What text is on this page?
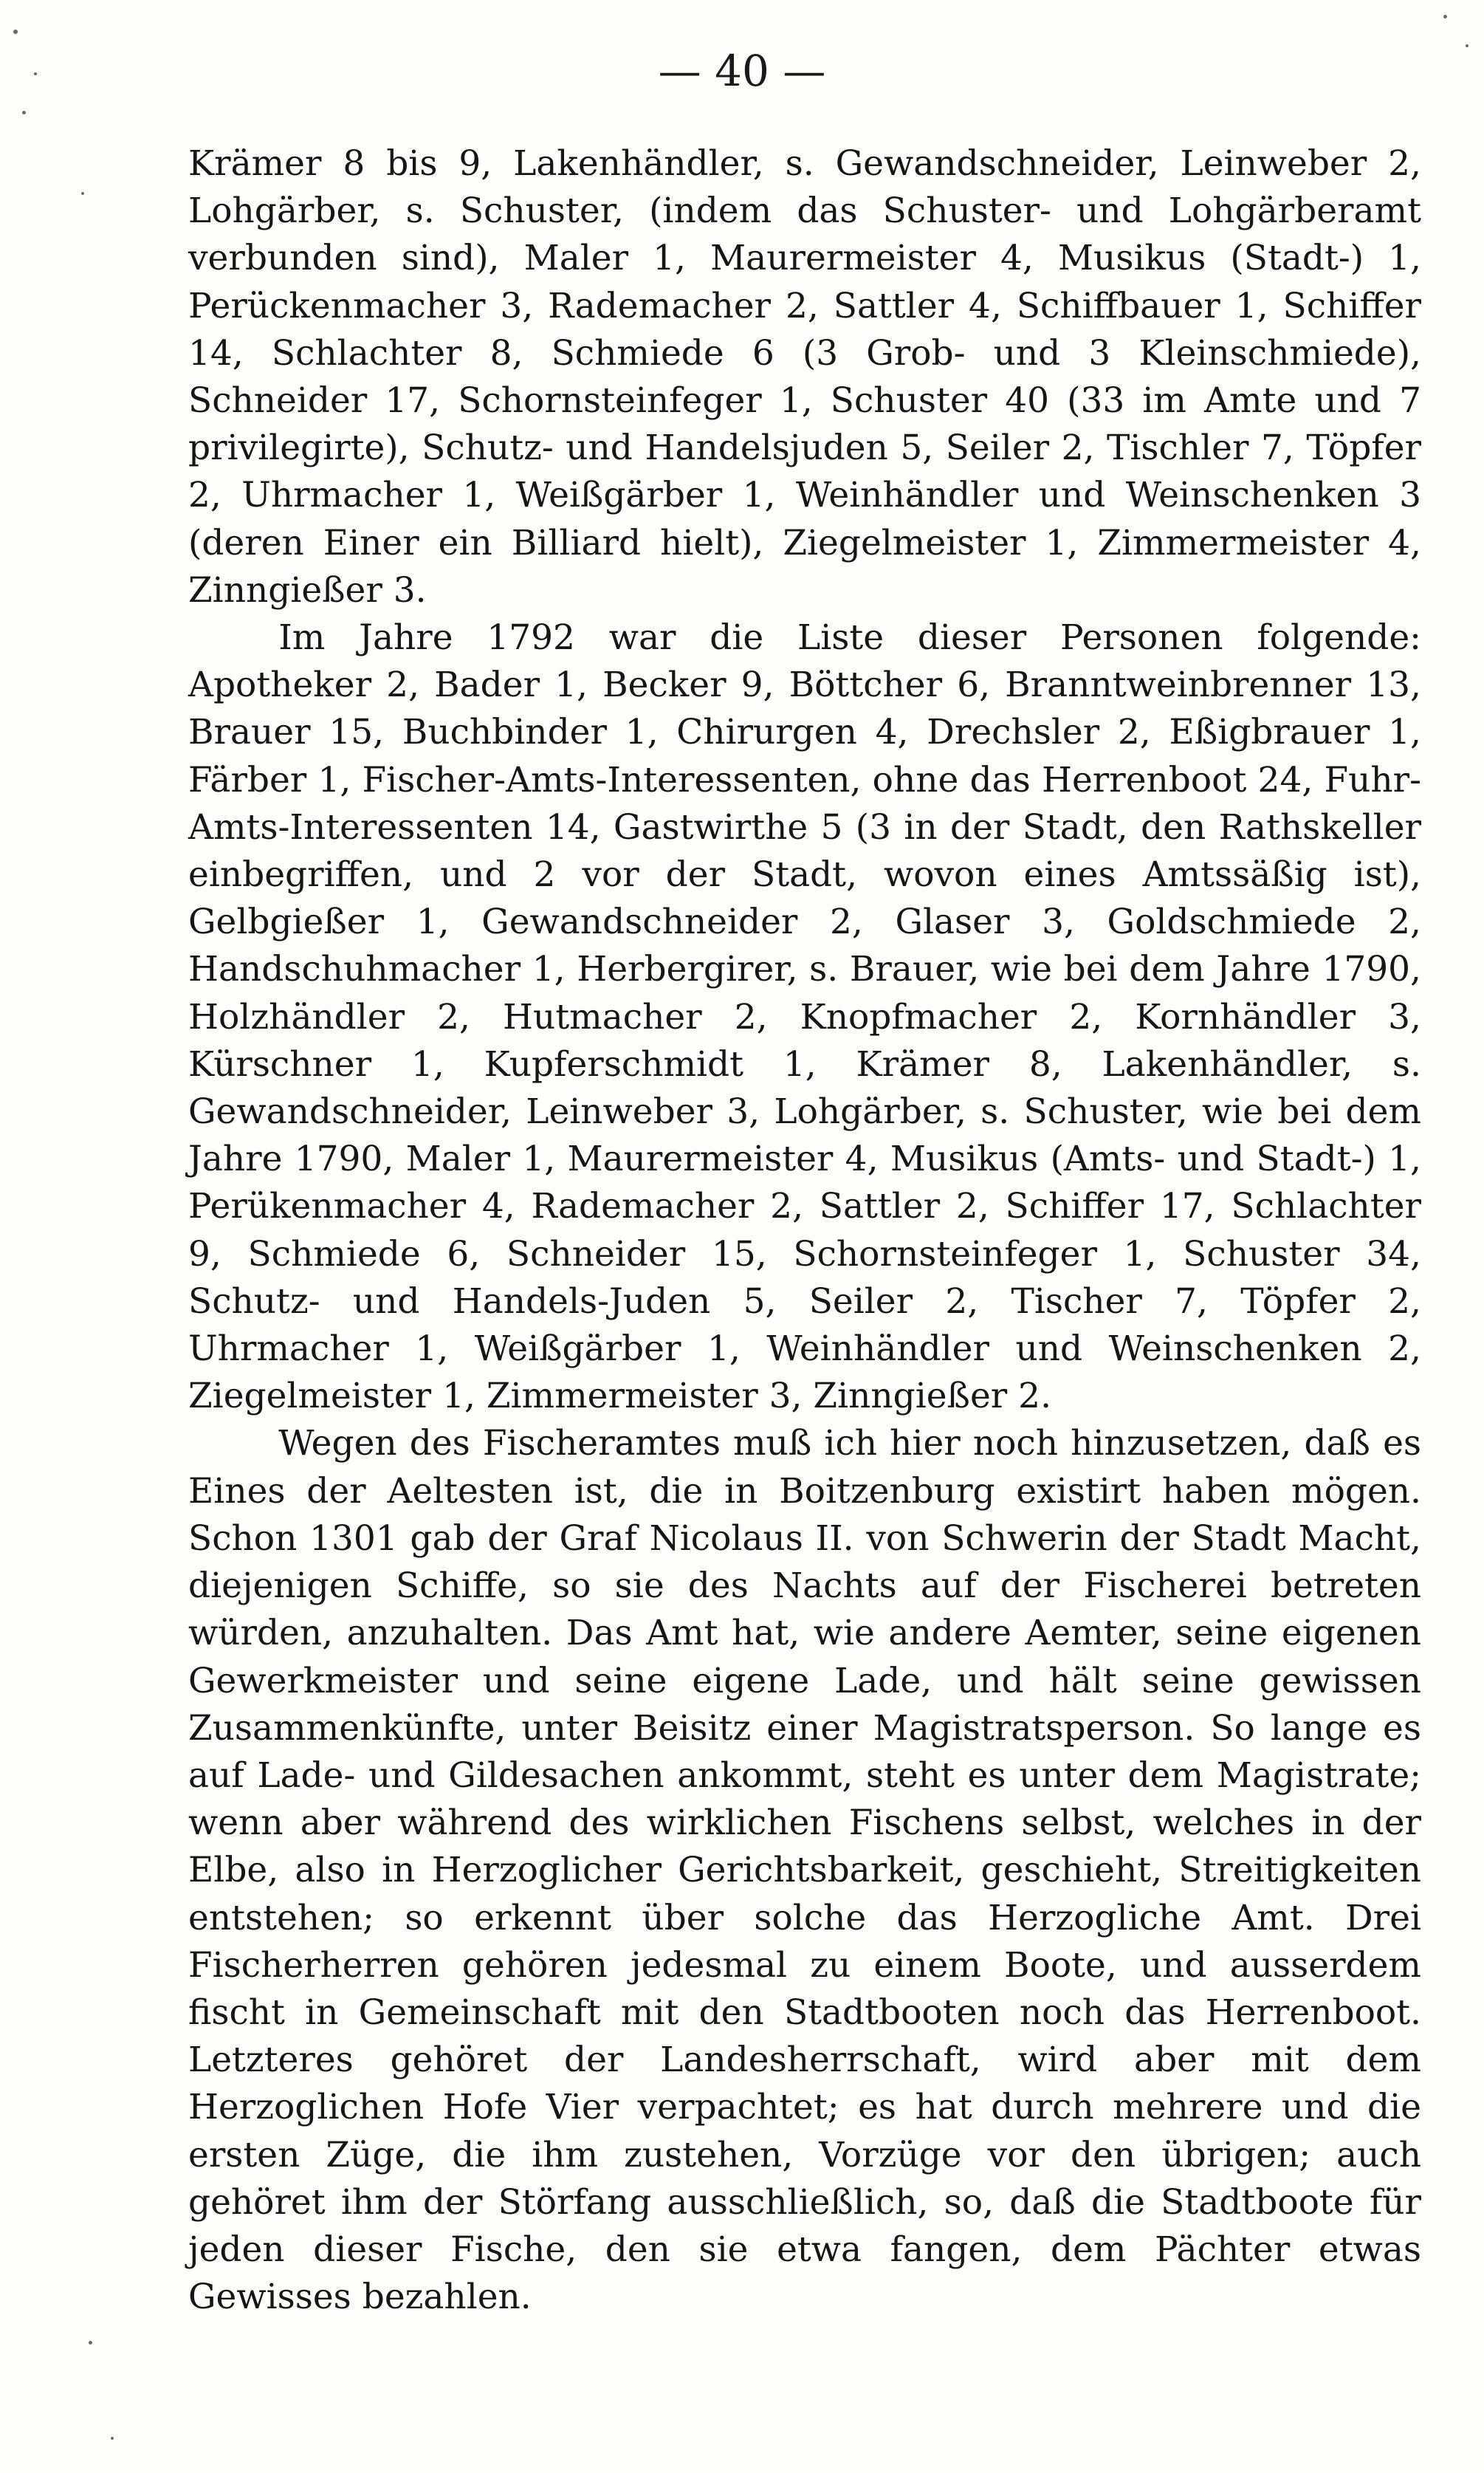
— 40 —

Krämer 8 bis 9, Lakenhändler, s. Gewandschneider, Leinweber 2, Lohgärber, s. Schuster, (indem das Schuster- und Lohgärberamt verbunden sind), Maler 1, Maurermeister 4, Musikus (Stadt-) 1, Perückenmacher 3, Rademacher 2, Sattler 4, Schiffbauer 1, Schiffer 14, Schlachter 8, Schmiede 6 (3 Grob- und 3 Kleinschmiede), Schneider 17, Schornsteinfeger 1, Schuster 40 (33 im Amte und 7 privilegirte), Schutz- und Handelsjuden 5, Seiler 2, Tischler 7, Töpfer 2, Uhrmacher 1, Weißgärber 1, Weinhändler und Weinschenken 3 (deren Einer ein Billiard hielt), Ziegelmeister 1, Zimmermeister 4, Zinngießer 3.

Im Jahre 1792 war die Liste dieser Personen folgende: Apotheker 2, Bader 1, Becker 9, Böttcher 6, Branntweinbrenner 13, Brauer 15, Buchbinder 1, Chirurgen 4, Drechsler 2, Eßigbrauer 1, Färber 1, Fischer-Amts-Interessenten, ohne das Herrenboot 24, Fuhr-Amts-Interessenten 14, Gastwirthe 5 (3 in der Stadt, den Rathskeller einbegriffen, und 2 vor der Stadt, wovon eines Amtssäßig ist), Gelbgießer 1, Gewandschneider 2, Glaser 3, Goldschmiede 2, Handschuhmacher 1, Herbergirer, s. Brauer, wie bei dem Jahre 1790, Holzhändler 2, Hutmacher 2, Knopfmacher 2, Kornhändler 3, Kürschner 1, Kupferschmidt 1, Krämer 8, Lakenhändler, s. Gewandschneider, Leinweber 3, Lohgärber, s. Schuster, wie bei dem Jahre 1790, Maler 1, Maurermeister 4, Musikus (Amts- und Stadt-) 1, Perükenmacher 4, Rademacher 2, Sattler 2, Schiffer 17, Schlachter 9, Schmiede 6, Schneider 15, Schornsteinfeger 1, Schuster 34, Schutz- und Handels-Juden 5, Seiler 2, Tischer 7, Töpfer 2, Uhrmacher 1, Weißgärber 1, Weinhändler und Weinschenken 2, Ziegelmeister 1, Zimmermeister 3, Zinngießer 2.

Wegen des Fischeramtes muß ich hier noch hinzusetzen, daß es Eines der Aeltesten ist, die in Boitzenburg existirt haben mögen. Schon 1301 gab der Graf Nicolaus II. von Schwerin der Stadt Macht, diejenigen Schiffe, so sie des Nachts auf der Fischerei betreten würden, anzuhalten. Das Amt hat, wie andere Aemter, seine eigenen Gewerkmeister und seine eigene Lade, und hält seine gewissen Zusammenkünfte, unter Beisitz einer Magistratsperson. So lange es auf Lade- und Gildesachen ankommt, steht es unter dem Magistrate; wenn aber während des wirklichen Fischens selbst, welches in der Elbe, also in Herzoglicher Gerichtsbarkeit, geschieht, Streitigkeiten entstehen; so erkennt über solche das Herzogliche Amt. Drei Fischerherren gehören jedesmal zu einem Boote, und ausserdem fischt in Gemeinschaft mit den Stadtbooten noch das Herrenboot. Letzteres gehöret der Landesherrschaft, wird aber mit dem Herzoglichen Hofe Vier verpachtet; es hat durch mehrere und die ersten Züge, die ihm zustehen, Vorzüge vor den übrigen; auch gehöret ihm der Störfang ausschließlich, so, daß die Stadtboote für jeden dieser Fische, den sie etwa fangen, dem Pächter etwas Gewisses bezahlen.
